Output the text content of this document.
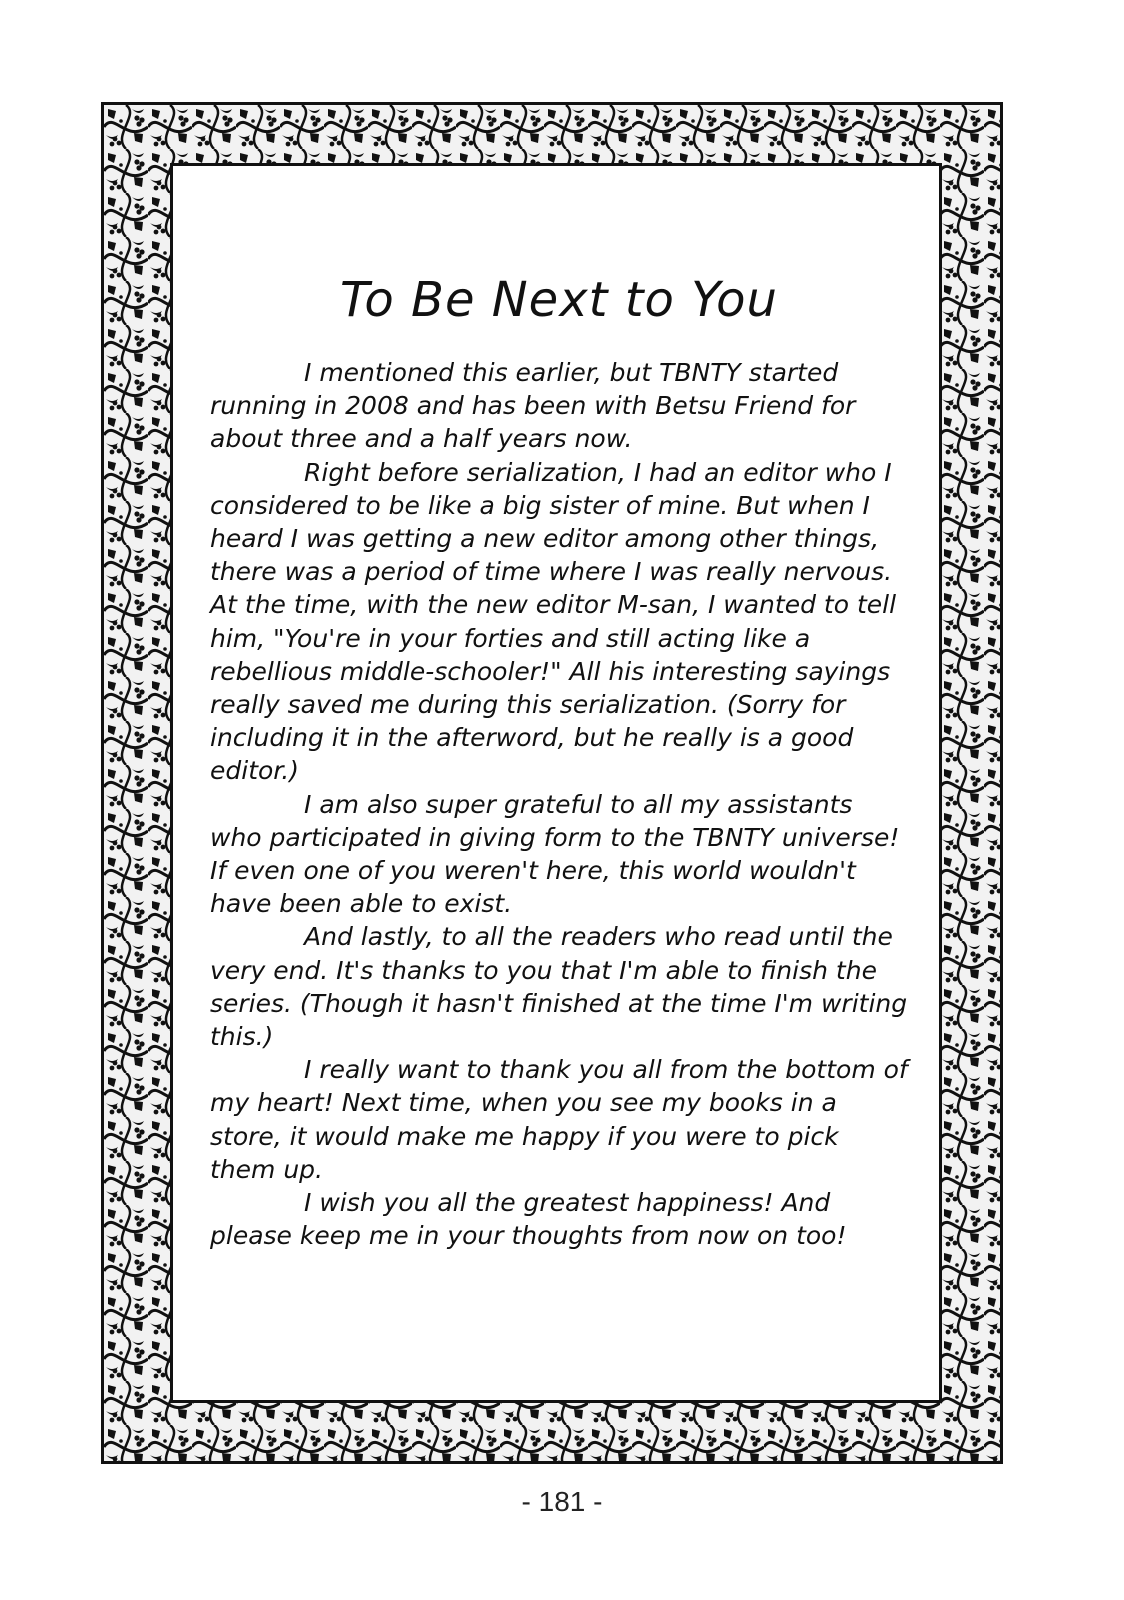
To Be Next to You

I mentioned this earlier, but TBNTY started running in 2008 and has been with Betsu Friend for about three and a half years now.

Right before serialization, I had an editor who I considered to be like a big sister of mine. But when I heard I was getting a new editor among other things, there was a period of time where I was really nervous. At the time, with the new editor M-san, I wanted to tell him, "You're in your forties and still acting like a rebellious middle-schooler!" All his interesting sayings really saved me during this serialization. (Sorry for including it in the afterword, but he really is a good editor.)

I am also super grateful to all my assistants who participated in giving form to the TBNTY universe! If even one of you weren't here, this world wouldn't have been able to exist.

And lastly, to all the readers who read until the very end. It's thanks to you that I'm able to finish the series. (Though it hasn't finished at the time I'm writing this.)

I really want to thank you all from the bottom of my heart! Next time, when you see my books in a store, it would make me happy if you were to pick them up.

I wish you all the greatest happiness! And please keep me in your thoughts from now on too!

- 181 -
